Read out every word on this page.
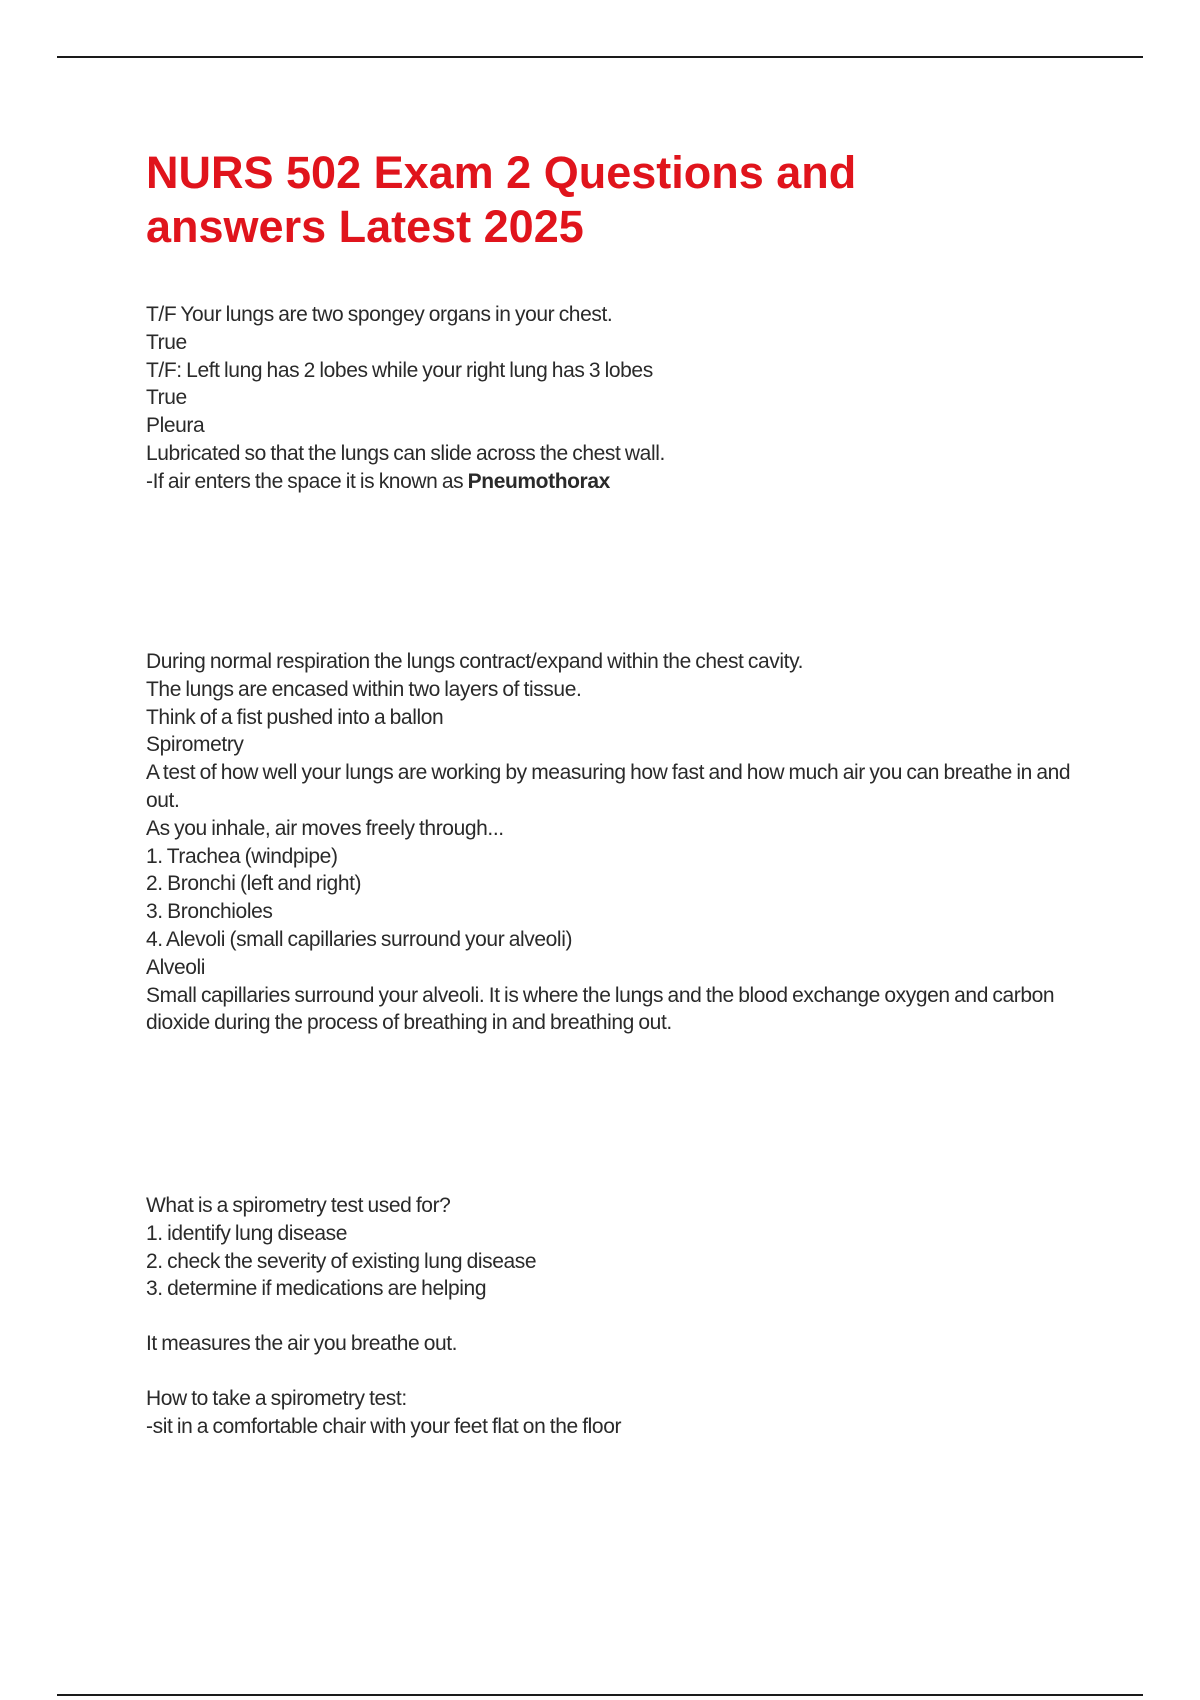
NURS 502 Exam 2 Questions and
answers Latest 2025
T/F Your lungs are two spongey organs in your chest.
True
T/F: Left lung has 2 lobes while your right lung has 3 lobes
True
Pleura
Lubricated so that the lungs can slide across the chest wall.
-If air enters the space it is known as Pneumothorax
During normal respiration the lungs contract/expand within the chest cavity.
The lungs are encased within two layers of tissue.
Think of a fist pushed into a ballon
Spirometry
A test of how well your lungs are working by measuring how fast and how much air you can breathe in and out.
As you inhale, air moves freely through...
1. Trachea (windpipe)
2. Bronchi (left and right)
3. Bronchioles
4. Alevoli (small capillaries surround your alveoli)
Alveoli
Small capillaries surround your alveoli. It is where the lungs and the blood exchange oxygen and carbon dioxide during the process of breathing in and breathing out.
What is a spirometry test used for?
1. identify lung disease
2. check the severity of existing lung disease
3. determine if medications are helping
It measures the air you breathe out.
How to take a spirometry test:
-sit in a comfortable chair with your feet flat on the floor
